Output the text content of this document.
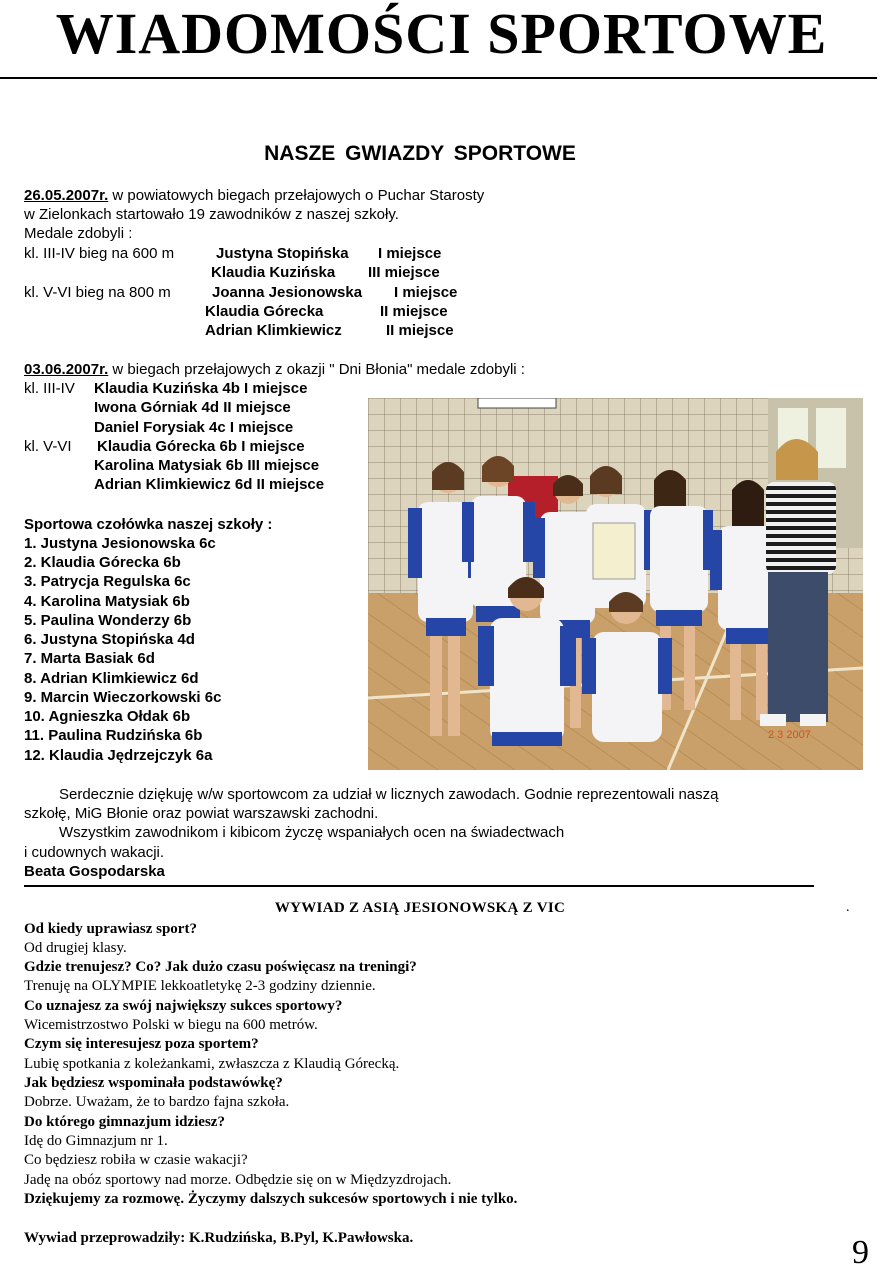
WIADOMOŚCI SPORTOWE
NASZE GWIAZDY SPORTOWE
26.05.2007r. w powiatowych biegach przełajowych o Puchar Starosty
w Zielonkach startowało 19 zawodników z naszej szkoły.
Medale zdobyli :
kl. III-IV bieg na 600 m	Justyna Stopińska I miejsce
Klaudia Kuzińska III miejsce
kl. V-VI bieg na 800 m	Joanna Jesionowska I miejsce
Klaudia Górecka	II miejsce
Adrian Klimkiewicz	II miejsce
03.06.2007r. w biegach przełajowych z okazji " Dni Błonia" medale zdobyli :
kl. III-IV Klaudia Kuzińska 4b I miejsce
Iwona Górniak 4d II miejsce
Daniel Forysiak 4c I miejsce
kl. V-VI Klaudia Górecka 6b I miejsce
Karolina Matysiak 6b III miejsce
Adrian Klimkiewicz 6d II miejsce
Sportowa czołówka naszej szkoły :
1. Justyna Jesionowska 6c
2. Klaudia Górecka 6b
3. Patrycja Regulska 6c
4. Karolina Matysiak 6b
5. Paulina Wonderzy 6b
6. Justyna Stopińska 4d
7. Marta Basiak 6d
8. Adrian Klimkiewicz 6d
9. Marcin Wieczorkowski 6c
10. Agnieszka Ołdak 6b
11. Paulina Rudzińska 6b
12. Klaudia Jędrzejczyk 6a
2 3 2007
Serdecznie dziękuję w/w sportowcom za udział w licznych zawodach. Godnie reprezentowali naszą
szkołę, MiG Błonie oraz powiat warszawski zachodni.
Wszystkim zawodnikom i kibicom życzę wspaniałych ocen na świadectwach
i cudownych wakacji.
Beata Gospodarska
.
WYWIAD Z ASIĄ JESIONOWSKĄ Z VIC
Od kiedy uprawiasz sport?
Od drugiej klasy.
Gdzie trenujesz? Co? Jak dużo czasu poświęcasz na treningi?
Trenuję na OLYMPIE lekkoatletykę 2-3 godziny dziennie.
Co uznajesz za swój największy sukces sportowy?
Wicemistrzostwo Polski w biegu na 600 metrów.
Czym się interesujesz poza sportem?
Lubię spotkania z koleżankami, zwłaszcza z Klaudią Górecką.
Jak będziesz wspominała podstawówkę?
Dobrze. Uważam, że to bardzo fajna szkoła.
Do którego gimnazjum idziesz?
Idę do Gimnazjum nr 1.
Co będziesz robiła w czasie wakacji?
Jadę na obóz sportowy nad morze. Odbędzie się on w Międzyzdrojach.
Dziękujemy za rozmowę. Życzymy dalszych sukcesów sportowych i nie tylko.
Wywiad przeprowadziły: K.Rudzińska, B.Pyl, K.Pawłowska.	9
